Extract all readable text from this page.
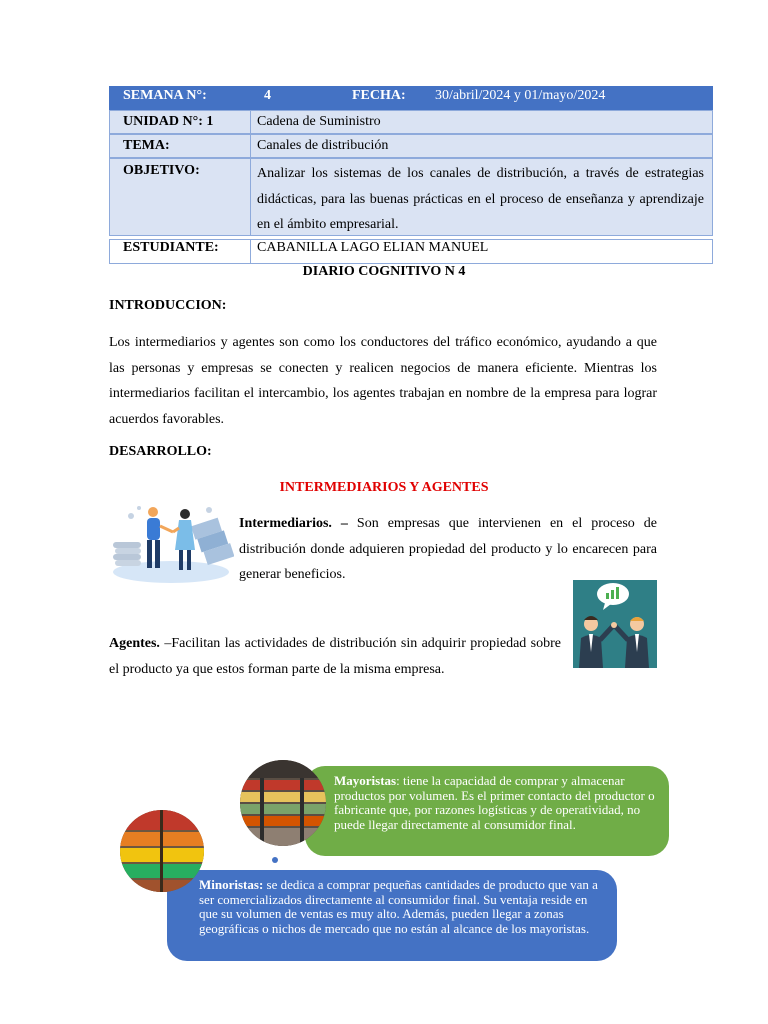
SEMANA N°:	4	FECHA: 30/abril/2024 y 01/mayo/2024
UNIDAD N°: 1	Cadena de Suministro
TEMA:	Canales de distribución
OBJETIVO:	Analizar los sistemas de los canales de distribución, a través de estrategias didácticas, para las buenas prácticas en el proceso de enseñanza y aprendizaje en el ámbito empresarial.
ESTUDIANTE:	CABANILLA LAGO ELIAN MANUEL
DIARIO COGNITIVO N 4
INTRODUCCION:
Los intermediarios y agentes son como los conductores del tráfico económico, ayudando a que las personas y empresas se conecten y realicen negocios de manera eficiente. Mientras los intermediarios facilitan el intercambio, los agentes trabajan en nombre de la empresa para lograr acuerdos favorables.
DESARROLLO:
INTERMEDIARIOS Y AGENTES
Intermediarios. – Son empresas que intervienen en el proceso de distribución donde adquieren propiedad del producto y lo encarecen para generar beneficios.
Agentes. –Facilitan las actividades de distribución sin adquirir propiedad sobre el producto ya que estos forman parte de la misma empresa.
Mayoristas: tiene la capacidad de comprar y almacenar productos por volumen. Es el primer contacto del productor o fabricante que, por razones logísticas y de operatividad, no puede llegar directamente al consumidor final.
Minoristas: se dedica a comprar pequeñas cantidades de producto que van a ser comercializados directamente al consumidor final. Su ventaja reside en que su volumen de ventas es muy alto. Además, pueden llegar a zonas geográficas o nichos de mercado que no están al alcance de los mayoristas.
